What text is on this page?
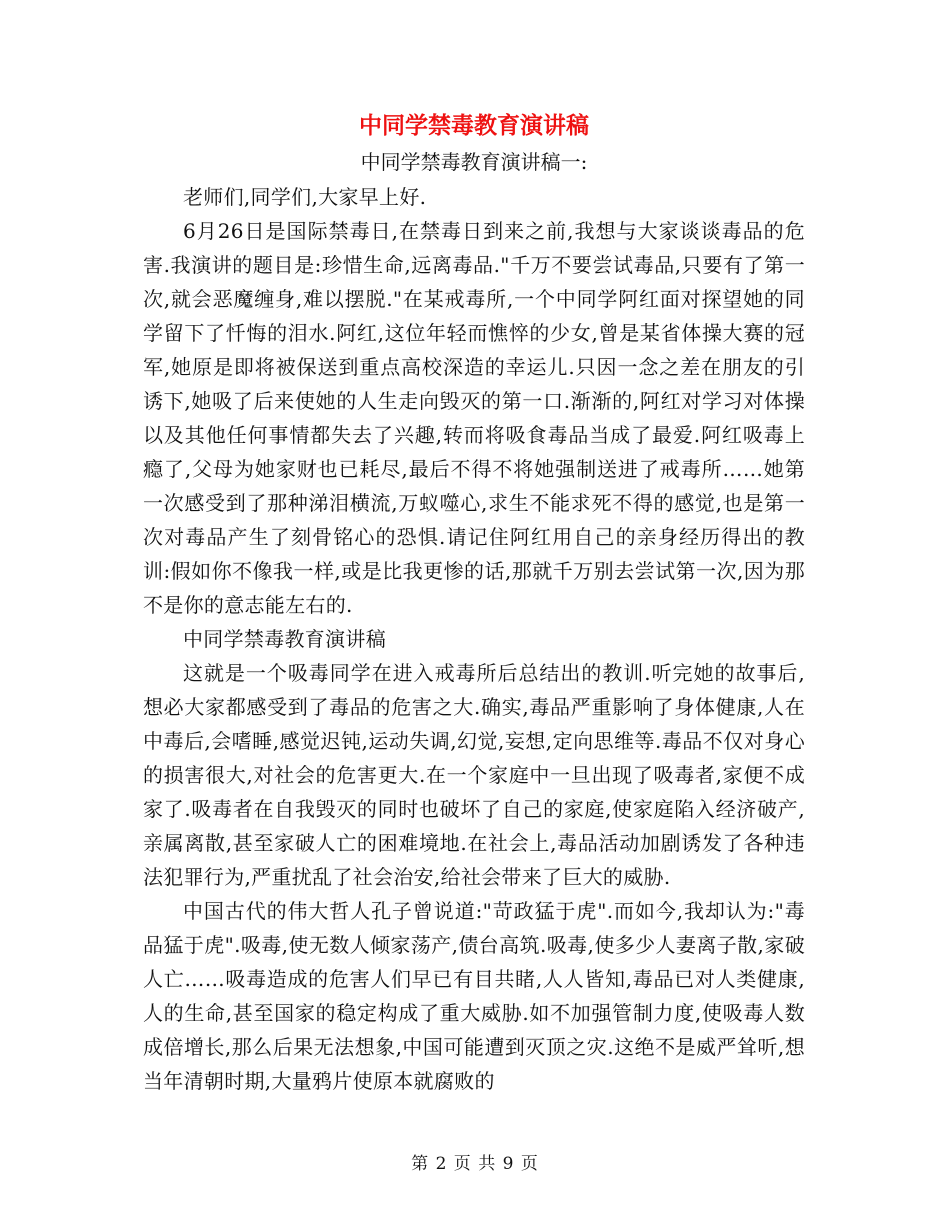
中同学禁毒教育演讲稿

中同学禁毒教育演讲稿一:

老师们,同学们,大家早上好.

6月26日是国际禁毒日,在禁毒日到来之前,我想与大家谈谈毒品的危害.我演讲的题目是:珍惜生命,远离毒品."千万不要尝试毒品,只要有了第一次,就会恶魔缠身,难以摆脱."在某戒毒所,一个中同学阿红面对探望她的同学留下了忏悔的泪水.阿红,这位年轻而憔悴的少女,曾是某省体操大赛的冠军,她原是即将被保送到重点高校深造的幸运儿.只因一念之差在朋友的引诱下,她吸了后来使她的人生走向毁灭的第一口.渐渐的,阿红对学习对体操以及其他任何事情都失去了兴趣,转而将吸食毒品当成了最爱.阿红吸毒上瘾了,父母为她家财也已耗尽,最后不得不将她强制送进了戒毒所……她第一次感受到了那种涕泪横流,万蚁噬心,求生不能求死不得的感觉,也是第一次对毒品产生了刻骨铭心的恐惧.请记住阿红用自己的亲身经历得出的教训:假如你不像我一样,或是比我更惨的话,那就千万别去尝试第一次,因为那不是你的意志能左右的.

中同学禁毒教育演讲稿

这就是一个吸毒同学在进入戒毒所后总结出的教训.听完她的故事后,想必大家都感受到了毒品的危害之大.确实,毒品严重影响了身体健康,人在中毒后,会嗜睡,感觉迟钝,运动失调,幻觉,妄想,定向思维等.毒品不仅对身心的损害很大,对社会的危害更大.在一个家庭中一旦出现了吸毒者,家便不成家了.吸毒者在自我毁灭的同时也破坏了自己的家庭,使家庭陷入经济破产,亲属离散,甚至家破人亡的困难境地.在社会上,毒品活动加剧诱发了各种违法犯罪行为,严重扰乱了社会治安,给社会带来了巨大的威胁.

中国古代的伟大哲人孔子曾说道:"苛政猛于虎".而如今,我却认为:"毒品猛于虎".吸毒,使无数人倾家荡产,债台高筑.吸毒,使多少人妻离子散,家破人亡……吸毒造成的危害人们早已有目共睹,人人皆知,毒品已对人类健康,人的生命,甚至国家的稳定构成了重大威胁.如不加强管制力度,使吸毒人数成倍增长,那么后果无法想象,中国可能遭到灭顶之灾.这绝不是威严耸听,想当年清朝时期,大量鸦片使原本就腐败的

第 2 页 共 9 页
